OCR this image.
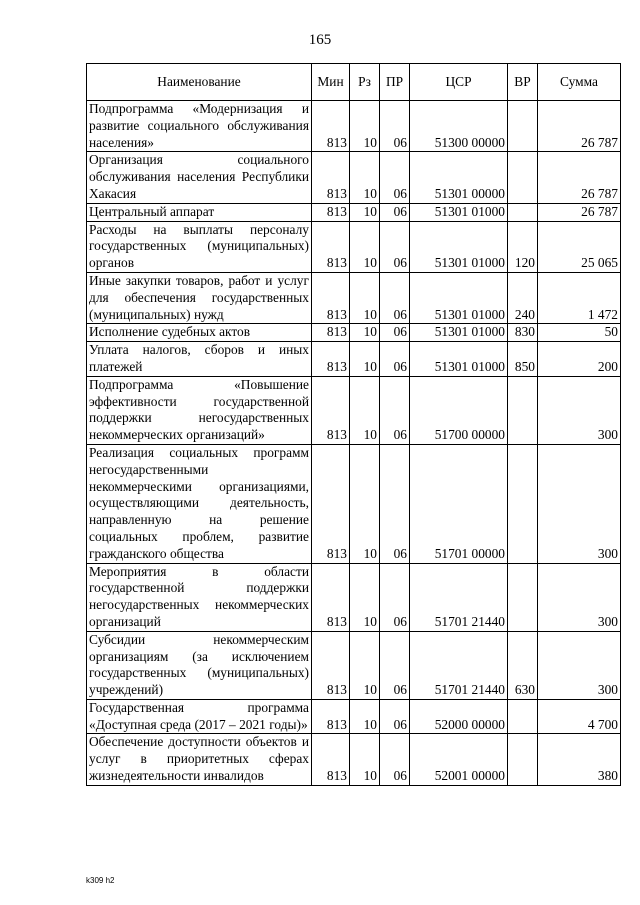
165
Наименование	Мин	Рз	ПР	ЦСР	ВР	Сумма
Подпрограмма «Модернизация и развитие социального обслуживания населения»	813	10	06	51300 00000		26 787
Организация социального обслуживания населения Республики Хакасия	813	10	06	51301 00000		26 787
Центральный аппарат	813	10	06	51301 01000		26 787
Расходы на выплаты персоналу государственных (муниципальных) органов	813	10	06	51301 01000	120	25 065
Иные закупки товаров, работ и услуг для обеспечения государственных (муниципальных) нужд	813	10	06	51301 01000	240	1 472
Исполнение судебных актов	813	10	06	51301 01000	830	50
Уплата налогов, сборов и иных платежей	813	10	06	51301 01000	850	200
Подпрограмма «Повышение эффективности государственной поддержки негосударственных некоммерческих организаций»	813	10	06	51700 00000		300
Реализация социальных программ негосударственными некоммерческими организациями, осуществляющими деятельность, направленную на решение социальных проблем, развитие гражданского общества	813	10	06	51701 00000		300
Мероприятия в области государственной поддержки негосударственных некоммерческих организаций	813	10	06	51701 21440		300
Субсидии некоммерческим организациям (за исключением государственных (муниципальных) учреждений)	813	10	06	51701 21440	630	300
Государственная программа «Доступная среда (2017 – 2021 годы)»	813	10	06	52000 00000		4 700
Обеспечение доступности объектов и услуг в приоритетных сферах жизнедеятельности инвалидов	813	10	06	52001 00000		380
k309 h2
